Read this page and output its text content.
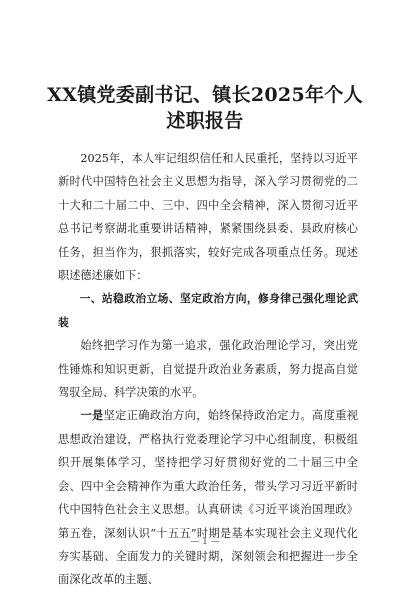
XX镇党委副书记、镇长2025年个人述职报告

2025年，本人牢记组织信任和人民重托，坚持以习近平新时代中国特色社会主义思想为指导，深入学习贯彻党的二十大和二十届二中、三中、四中全会精神，深入贯彻习近平总书记考察湖北重要讲话精神，紧紧围绕县委、县政府核心任务，担当作为，狠抓落实，较好完成各项重点任务。现述职述德述廉如下：

一、站稳政治立场、坚定政治方向，修身律己强化理论武装

始终把学习作为第一追求，强化政治理论学习，突出党性锤炼和知识更新，自觉提升政治业务素质，努力提高自觉驾驭全局、科学决策的水平。

一是坚定正确政治方向，始终保持政治定力。高度重视思想政治建设，严格执行党委理论学习中心组制度，积极组织开展集体学习，坚持把学习好贯彻好党的二十届三中全会、四中全会精神作为重大政治任务，带头学习习近平新时代中国特色社会主义思想。认真研读《习近平谈治国理政》第五卷，深刻认识“十五五”时期是基本实现社会主义现代化夯实基础、全面发力的关键时期，深刻领会和把握进一步全面深化改革的主题、

— 1 —
